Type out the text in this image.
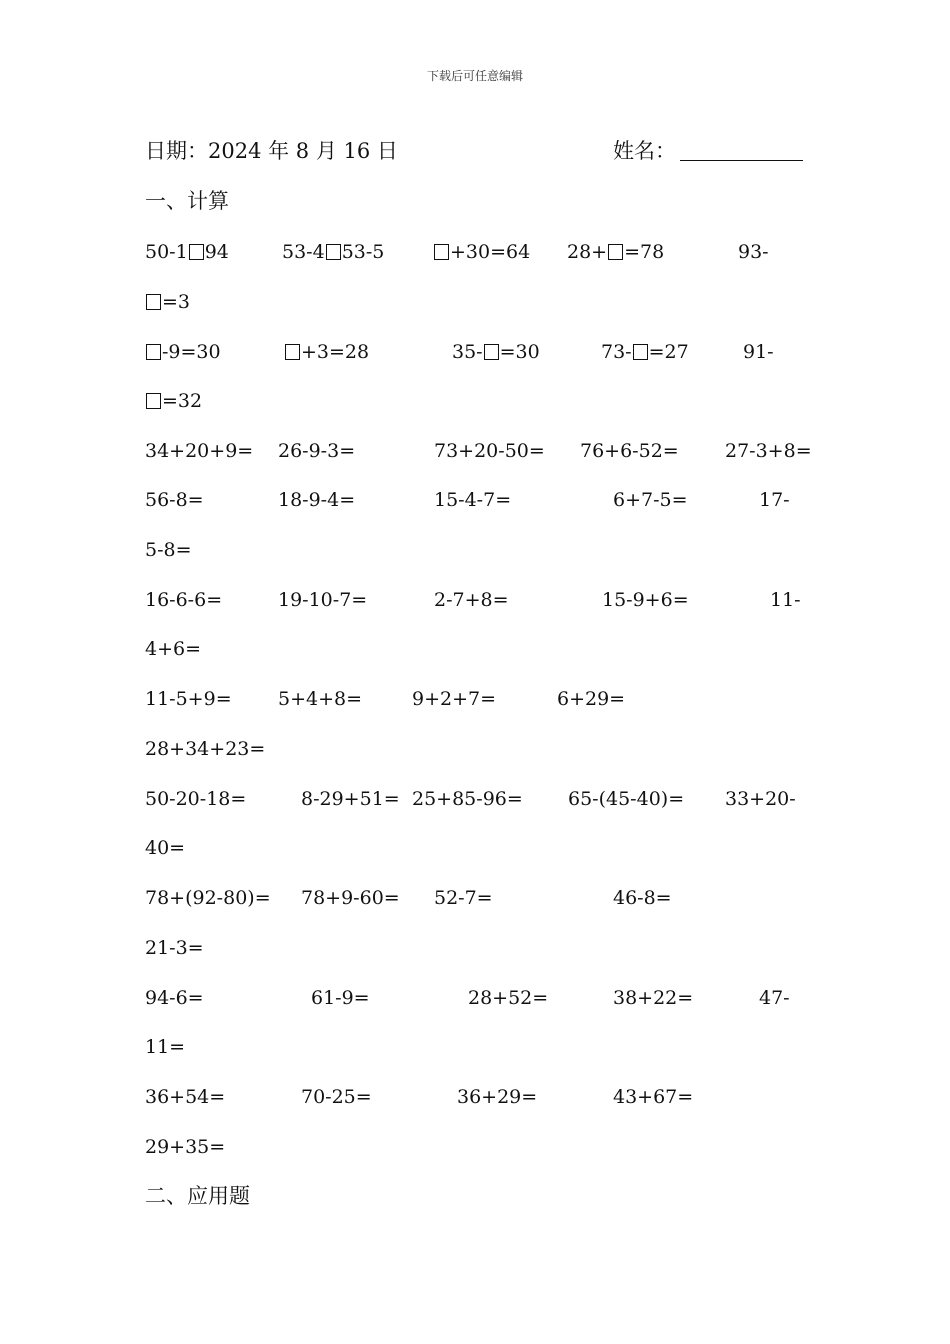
下载后可任意编辑
日期：2024 年 8 月 16 日	姓名：
一、计算
50-1 94	53-4 53-5	+30=64 28+ =78	93-
=3
-9=30	+3=28	35- =30	73- =27	91-
=32
34+20+9= 26-9-3=	73+20-50= 76+6-52= 27-3+8=
56-8=	18-9-4=	15-4-7=	6+7-5=	17-
5-8=
16-6-6=	19-10-7=	2-7+8=	15-9+6=	11-
4+6=
11-5+9= 5+4+8=	9+2+7=	6+29=
28+34+23=
50-20-18=	8-29+51= 25+85-96= 65-(45-40)= 33+20-
40=
78+(92-80)= 78+9-60= 52-7=	46-8=
21-3=
94-6=	61-9=	28+52=	38+22=	47-
11=
36+54=	70-25=	36+29=	43+67=
29+35=
二、应用题
